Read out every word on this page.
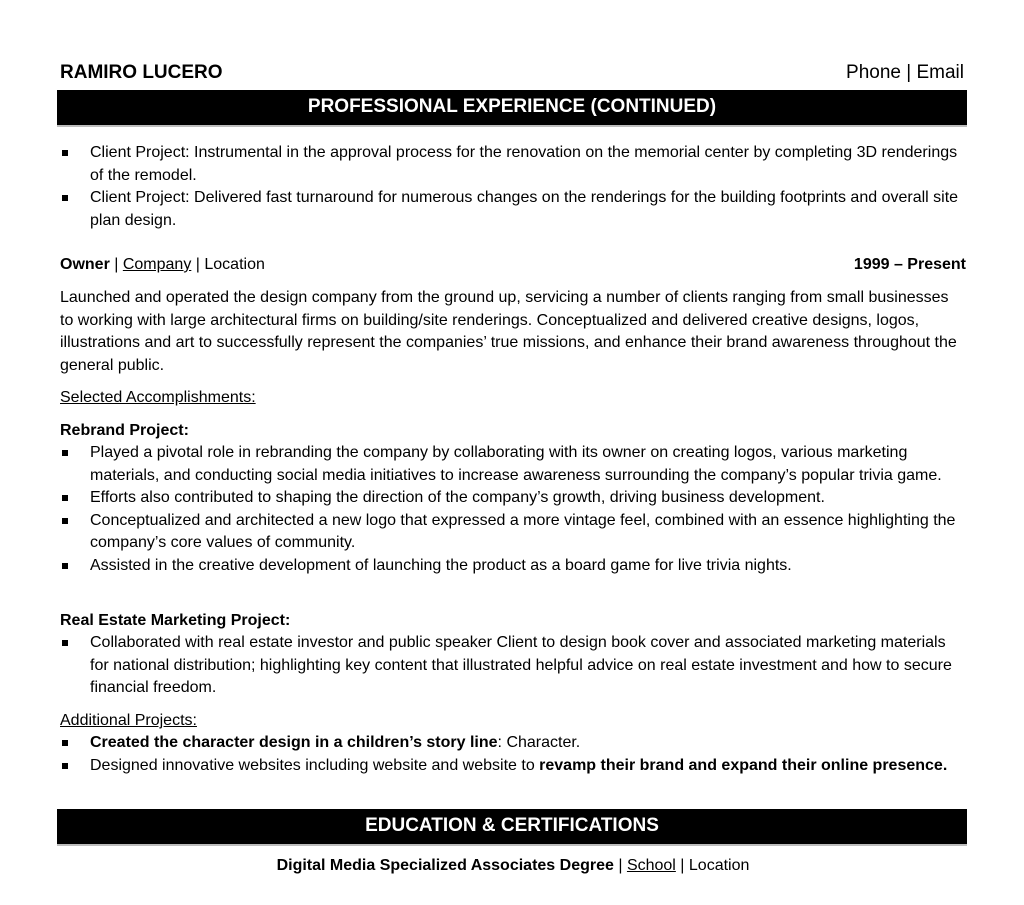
RAMIRO LUCERO	Phone | Email
PROFESSIONAL EXPERIENCE (CONTINUED)
Client Project: Instrumental in the approval process for the renovation on the memorial center by completing 3D renderings of the remodel.
Client Project: Delivered fast turnaround for numerous changes on the renderings for the building footprints and overall site plan design.
Owner | Company | Location	1999 – Present
Launched and operated the design company from the ground up, servicing a number of clients ranging from small businesses to working with large architectural firms on building/site renderings. Conceptualized and delivered creative designs, logos, illustrations and art to successfully represent the companies’ true missions, and enhance their brand awareness throughout the general public.
Selected Accomplishments:
Rebrand Project:
Played a pivotal role in rebranding the company by collaborating with its owner on creating logos, various marketing materials, and conducting social media initiatives to increase awareness surrounding the company’s popular trivia game.
Efforts also contributed to shaping the direction of the company’s growth, driving business development.
Conceptualized and architected a new logo that expressed a more vintage feel, combined with an essence highlighting the company’s core values of community.
Assisted in the creative development of launching the product as a board game for live trivia nights.
Real Estate Marketing Project:
Collaborated with real estate investor and public speaker Client to design book cover and associated marketing materials for national distribution; highlighting key content that illustrated helpful advice on real estate investment and how to secure financial freedom.
Additional Projects:
Created the character design in a children’s story line: Character.
Designed innovative websites including website and website to revamp their brand and expand their online presence.
EDUCATION & CERTIFICATIONS
Digital Media Specialized Associates Degree | School | Location
